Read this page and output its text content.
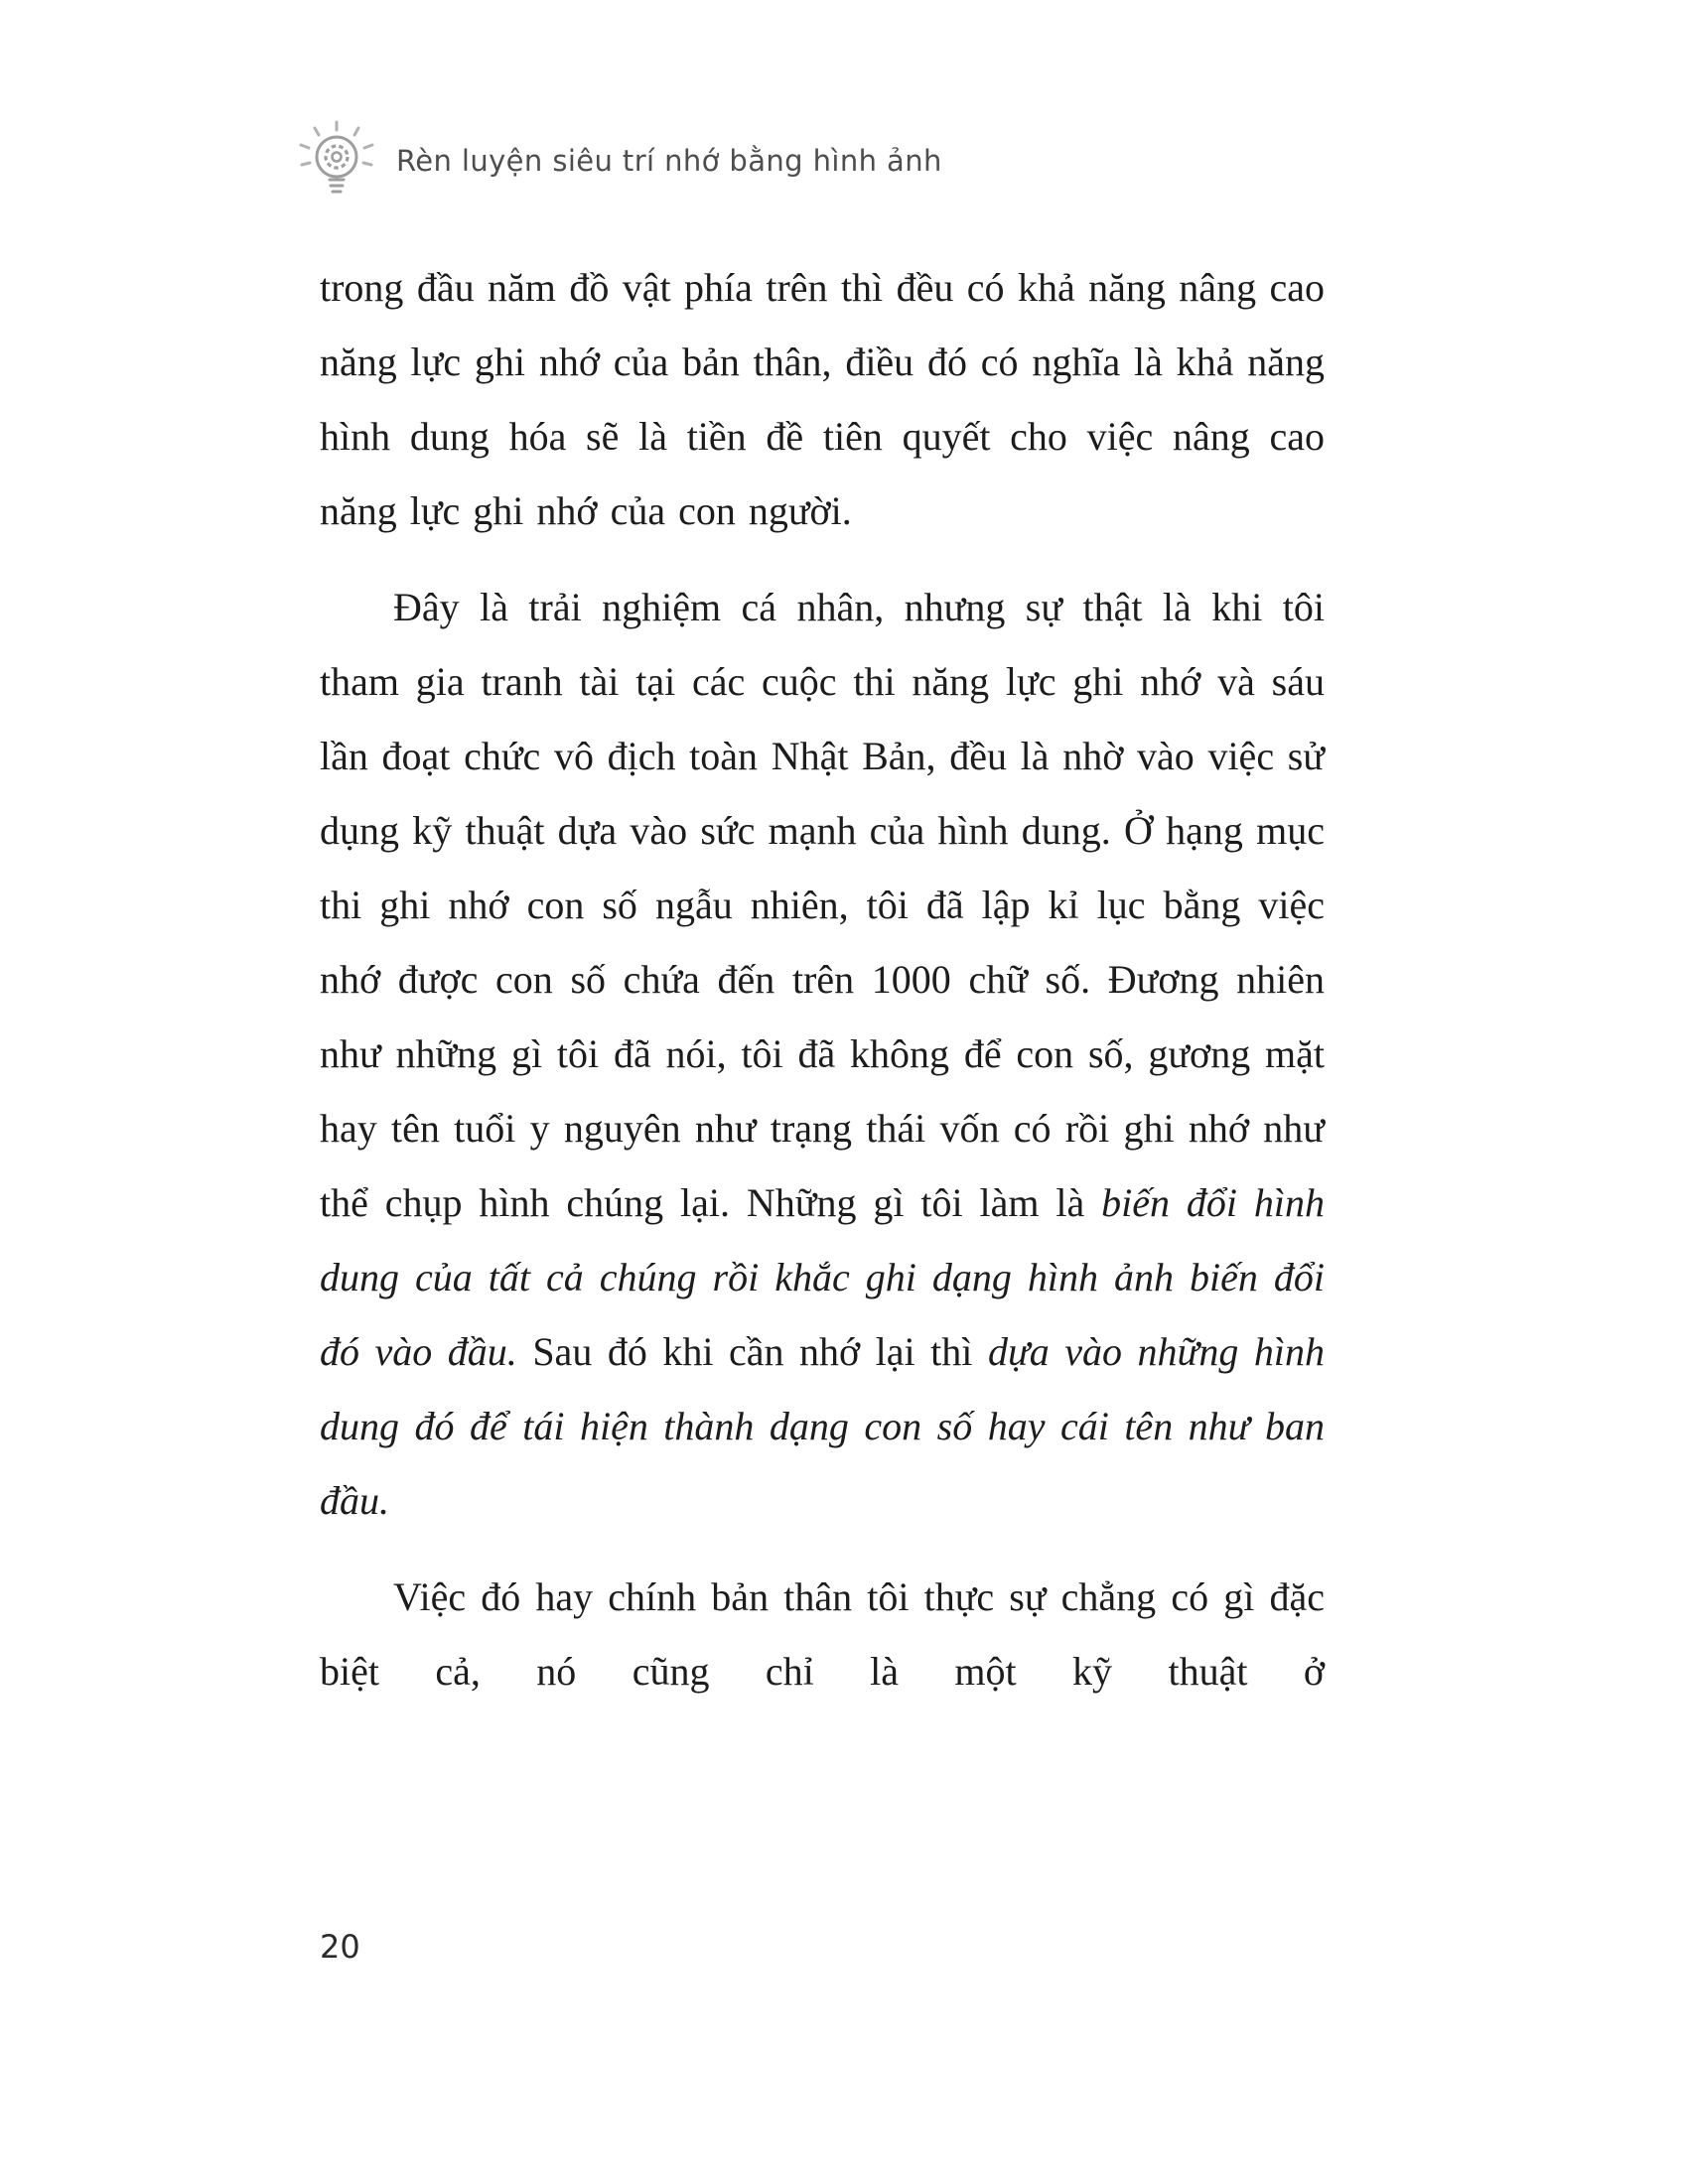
Rèn luyện siêu trí nhớ bằng hình ảnh

trong đầu năm đồ vật phía trên thì đều có khả năng nâng cao năng lực ghi nhớ của bản thân, điều đó có nghĩa là khả năng hình dung hóa sẽ là tiền đề tiên quyết cho việc nâng cao năng lực ghi nhớ của con người.

Đây là trải nghiệm cá nhân, nhưng sự thật là khi tôi tham gia tranh tài tại các cuộc thi năng lực ghi nhớ và sáu lần đoạt chức vô địch toàn Nhật Bản, đều là nhờ vào việc sử dụng kỹ thuật dựa vào sức mạnh của hình dung. Ở hạng mục thi ghi nhớ con số ngẫu nhiên, tôi đã lập kỉ lục bằng việc nhớ được con số chứa đến trên 1000 chữ số. Đương nhiên như những gì tôi đã nói, tôi đã không để con số, gương mặt hay tên tuổi y nguyên như trạng thái vốn có rồi ghi nhớ như thể chụp hình chúng lại. Những gì tôi làm là biến đổi hình dung của tất cả chúng rồi khắc ghi dạng hình ảnh biến đổi đó vào đầu. Sau đó khi cần nhớ lại thì dựa vào những hình dung đó để tái hiện thành dạng con số hay cái tên như ban đầu.

Việc đó hay chính bản thân tôi thực sự chẳng có gì đặc biệt cả, nó cũng chỉ là một kỹ thuật ở

20
